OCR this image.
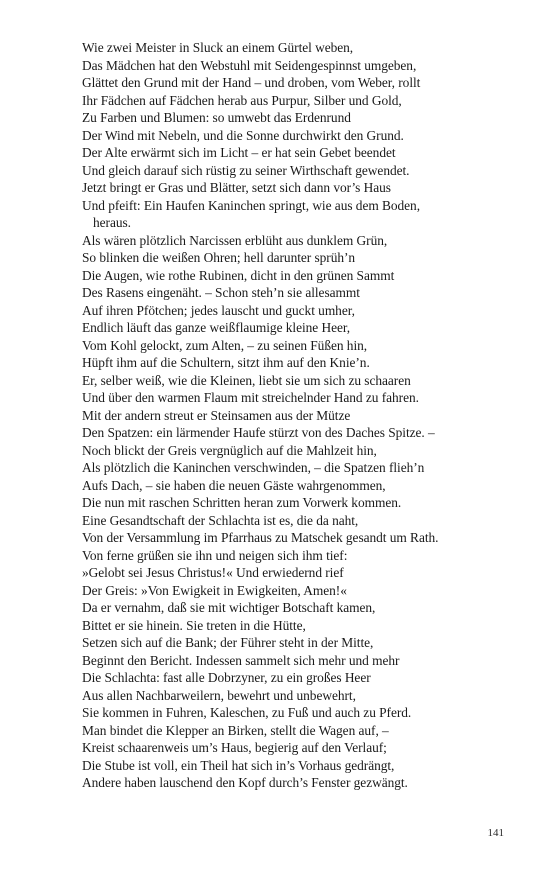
Wie zwei Meister in Sluck an einem Gürtel weben,
Das Mädchen hat den Webstuhl mit Seidengespinnst umgeben,
Glättet den Grund mit der Hand – und droben, vom Weber, rollt
Ihr Fädchen auf Fädchen herab aus Purpur, Silber und Gold,
Zu Farben und Blumen: so umwebt das Erdenrund
Der Wind mit Nebeln, und die Sonne durchwirkt den Grund.
Der Alte erwärmt sich im Licht – er hat sein Gebet beendet
Und gleich darauf sich rüstig zu seiner Wirthschaft gewendet.
Jetzt bringt er Gras und Blätter, setzt sich dann vor’s Haus
Und pfeift: Ein Haufen Kaninchen springt, wie aus dem Boden,
heraus.
Als wären plötzlich Narcissen erblüht aus dunklem Grün,
So blinken die weißen Ohren; hell darunter sprüh’n
Die Augen, wie rothe Rubinen, dicht in den grünen Sammt
Des Rasens eingenäht. – Schon steh’n sie allesammt
Auf ihren Pfötchen; jedes lauscht und guckt umher,
Endlich läuft das ganze weißflaumige kleine Heer,
Vom Kohl gelockt, zum Alten, – zu seinen Füßen hin,
Hüpft ihm auf die Schultern, sitzt ihm auf den Knie’n.
Er, selber weiß, wie die Kleinen, liebt sie um sich zu schaaren
Und über den warmen Flaum mit streichelnder Hand zu fahren.
Mit der andern streut er Steinsamen aus der Mütze
Den Spatzen: ein lärmender Haufe stürzt von des Daches Spitze. –
Noch blickt der Greis vergnüglich auf die Mahlzeit hin,
Als plötzlich die Kaninchen verschwinden, – die Spatzen flieh’n
Aufs Dach, – sie haben die neuen Gäste wahrgenommen,
Die nun mit raschen Schritten heran zum Vorwerk kommen.
Eine Gesandtschaft der Schlachta ist es, die da naht,
Von der Versammlung im Pfarrhaus zu Matschek gesandt um Rath.
Von ferne grüßen sie ihn und neigen sich ihm tief:
»Gelobt sei Jesus Christus!« Und erwiedernd rief
Der Greis: »Von Ewigkeit in Ewigkeiten, Amen!«
Da er vernahm, daß sie mit wichtiger Botschaft kamen,
Bittet er sie hinein. Sie treten in die Hütte,
Setzen sich auf die Bank; der Führer steht in der Mitte,
Beginnt den Bericht. Indessen sammelt sich mehr und mehr
Die Schlachta: fast alle Dobrzyner, zu ein großes Heer
Aus allen Nachbarweilern, bewehrt und unbewehrt,
Sie kommen in Fuhren, Kaleschen, zu Fuß und auch zu Pferd.
Man bindet die Klepper an Birken, stellt die Wagen auf, –
Kreist schaarenweis um’s Haus, begierig auf den Verlauf;
Die Stube ist voll, ein Theil hat sich in’s Vorhaus gedrängt,
Andere haben lauschend den Kopf durch’s Fenster gezwängt.
141
